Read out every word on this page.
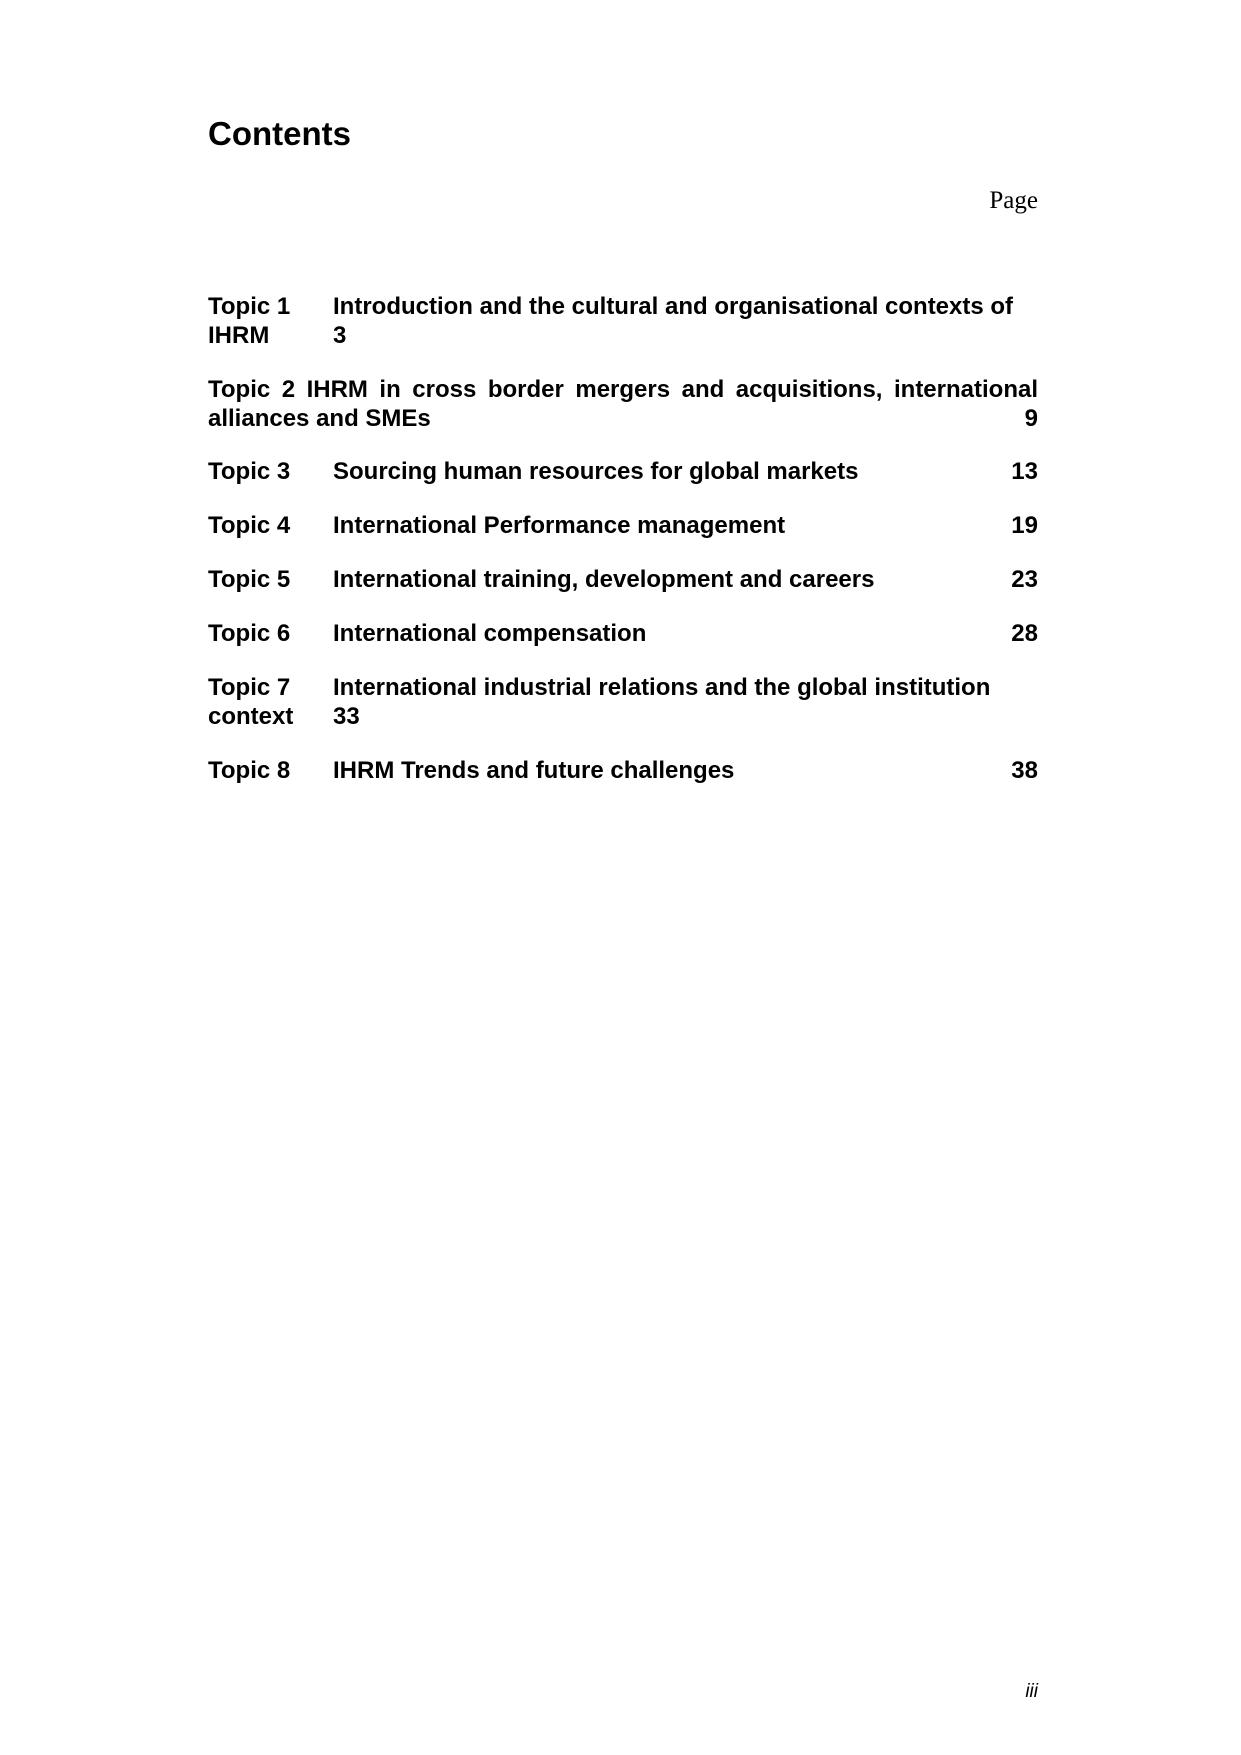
Contents
Page
Topic 1 Introduction and the cultural and organisational contexts of
IHRM	3
Topic 2 IHRM in cross border mergers and acquisitions, international
alliances and SMEs	9
Topic 3 Sourcing human resources for global markets	13
Topic 4 International Performance management	19
Topic 5 International training, development and careers	23
Topic 6 International compensation	28
Topic 7 International industrial relations and the global institution
context 33
Topic 8 IHRM Trends and future challenges	38
iii
